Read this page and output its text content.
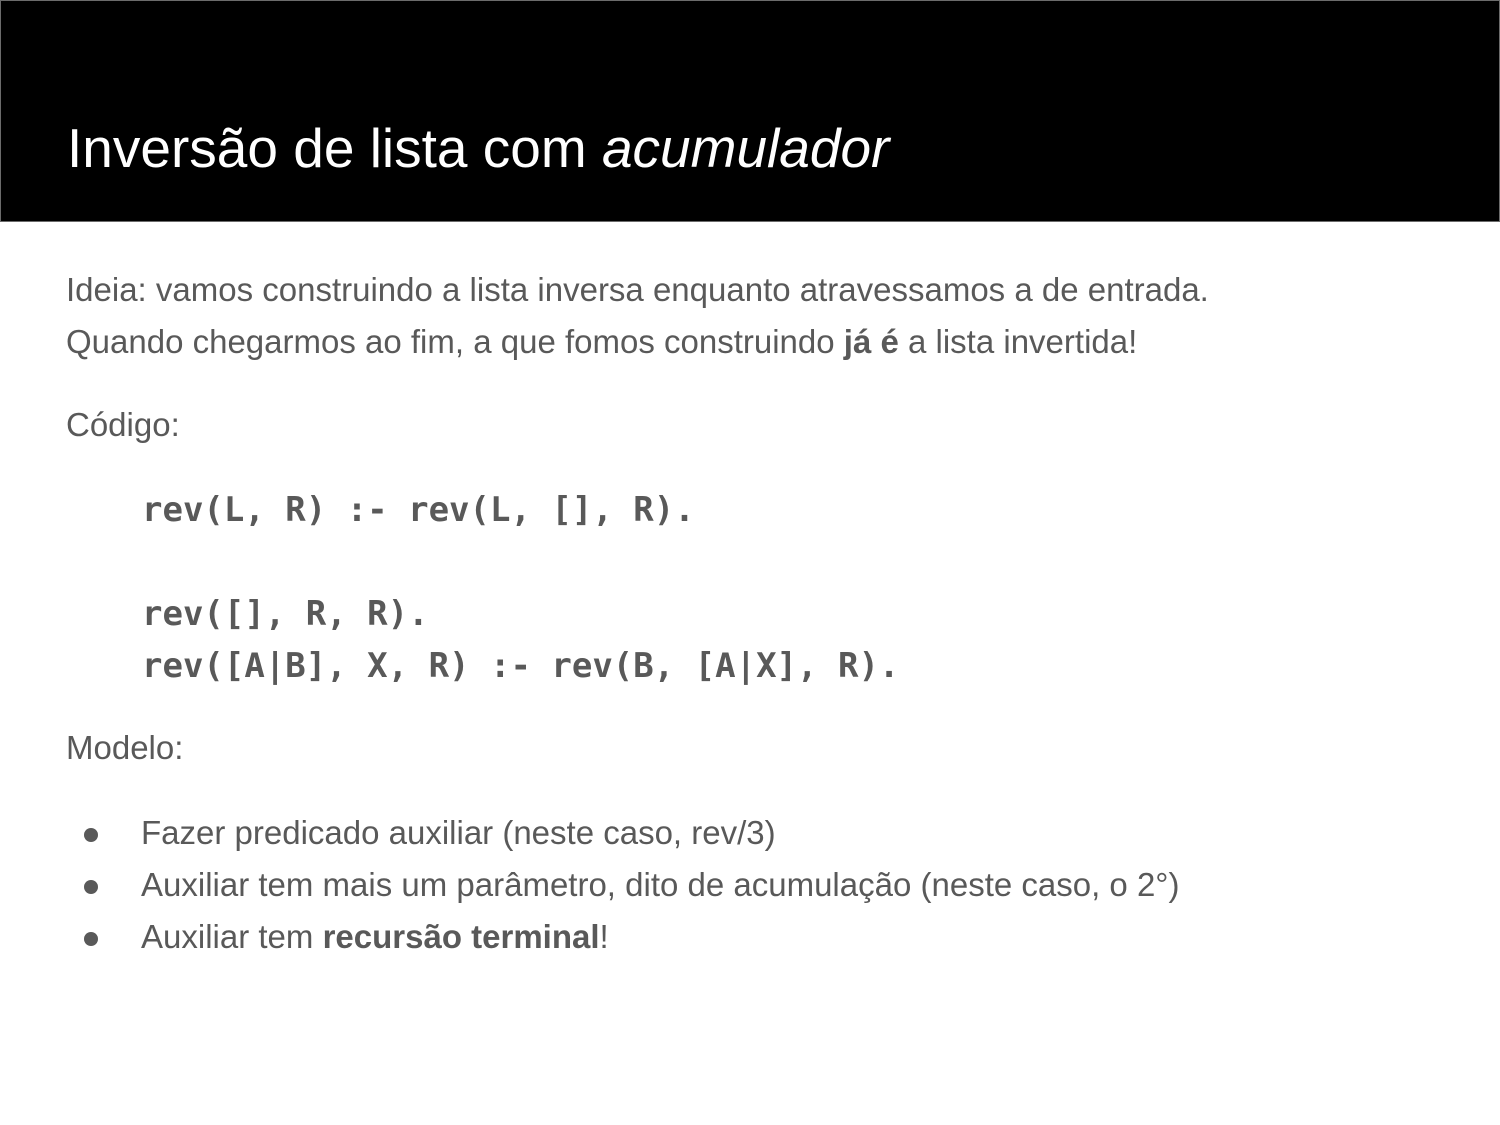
Inversão de lista com acumulador

Ideia: vamos construindo a lista inversa enquanto atravessamos a de entrada.

Quando chegarmos ao fim, a que fomos construindo já é a lista invertida!

Código:

rev(L, R) :- rev(L, [], R).
rev([], R, R).
rev([A|B], X, R) :- rev(B, [A|X], R).

Modelo:

Fazer predicado auxiliar (neste caso, rev/3)
Auxiliar tem mais um parâmetro, dito de acumulação (neste caso, o 2°)
Auxiliar tem recursão terminal!
